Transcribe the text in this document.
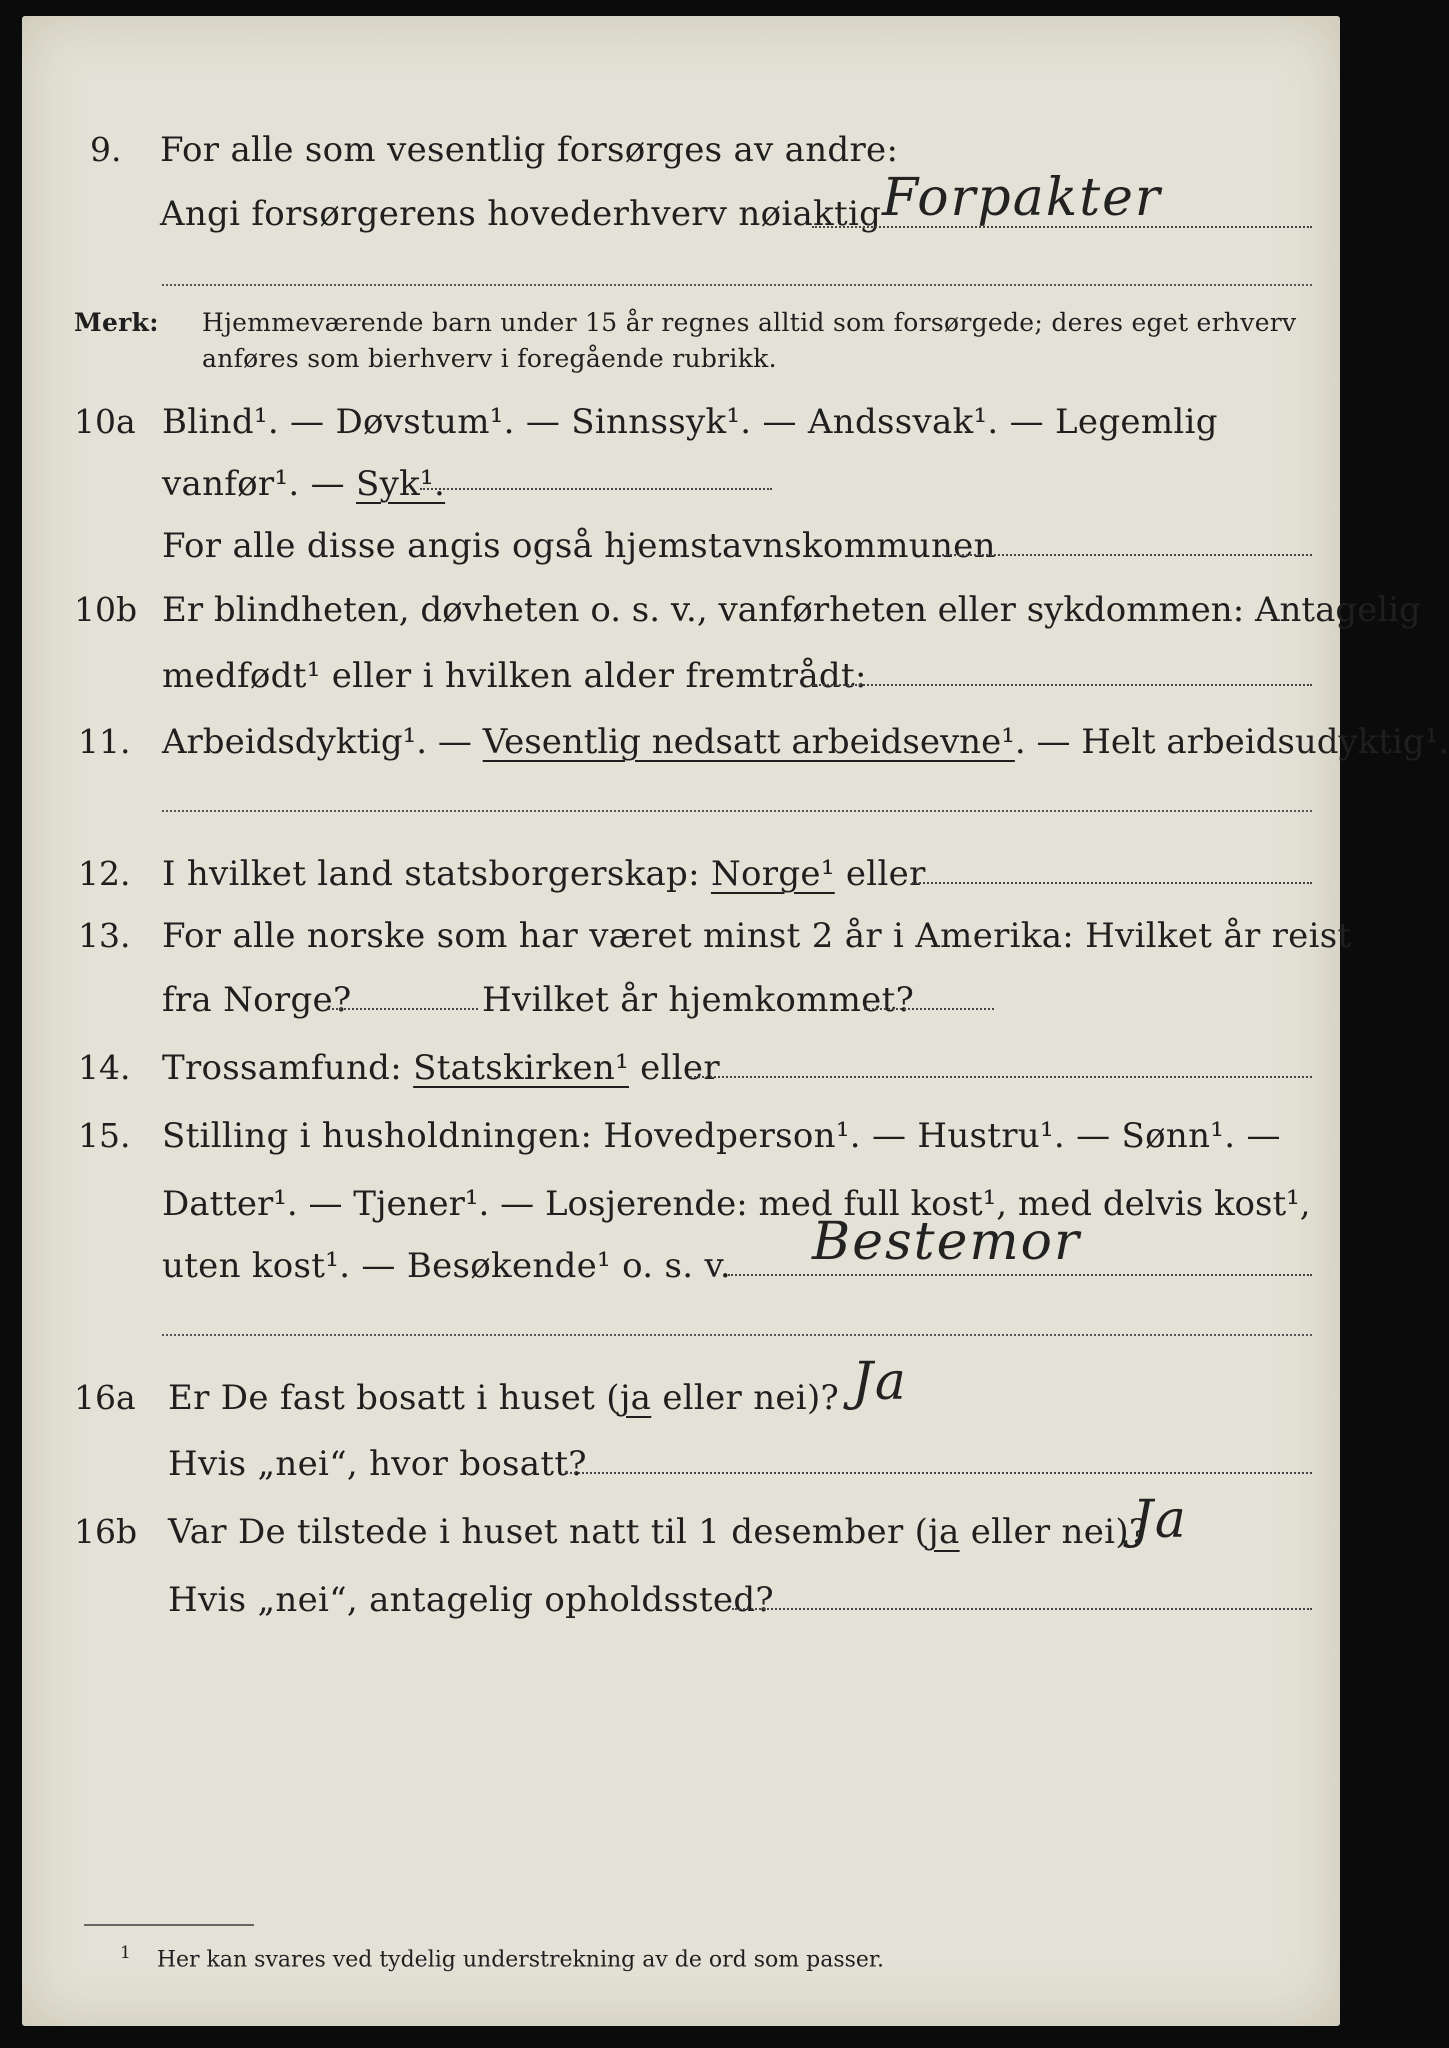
9. For alle som vesentlig forsørges av andre:
Angi forsørgerens hovederhverv nøiaktig Forpakter
Merk: Hjemmeværende barn under 15 år regnes alltid som forsørgede; deres eget erhverv
anføres som bierhverv i foregående rubrikk.
10a Blind¹. — Døvstum¹. — Sinnssyk¹. — Andssvak¹. — Legemlig
vanfør¹. — Syk¹.
For alle disse angis også hjemstavnskommunen
10b Er blindheten, døvheten o. s. v., vanførheten eller sykdommen: Antagelig
medfødt¹ eller i hvilken alder fremtrådt:
11. Arbeidsdyktig¹. — Vesentlig nedsatt arbeidsevne¹. — Helt arbeidsudyktig¹.
12. I hvilket land statsborgerskap: Norge¹ eller
13. For alle norske som har været minst 2 år i Amerika: Hvilket år reist
fra Norge?	Hvilket år hjemkommet?
14. Trossamfund: Statskirken¹ eller
15. Stilling i husholdningen: Hovedperson¹. — Hustru¹. — Sønn¹. —
Datter¹. — Tjener¹. — Losjerende: med full kost¹, med delvis kost¹,
uten kost¹. — Besøkende¹ o. s. v. Bestemor
16a Er De fast bosatt i huset (ja eller nei)? Ja
Hvis „nei“, hvor bosatt?
16b Var De tilstede i huset natt til 1 desember (ja eller nei)?
Ja
Hvis „nei“, antagelig opholdssted?
$^1$ Her kan svares ved tydelig understrekning av de ord som passer.
